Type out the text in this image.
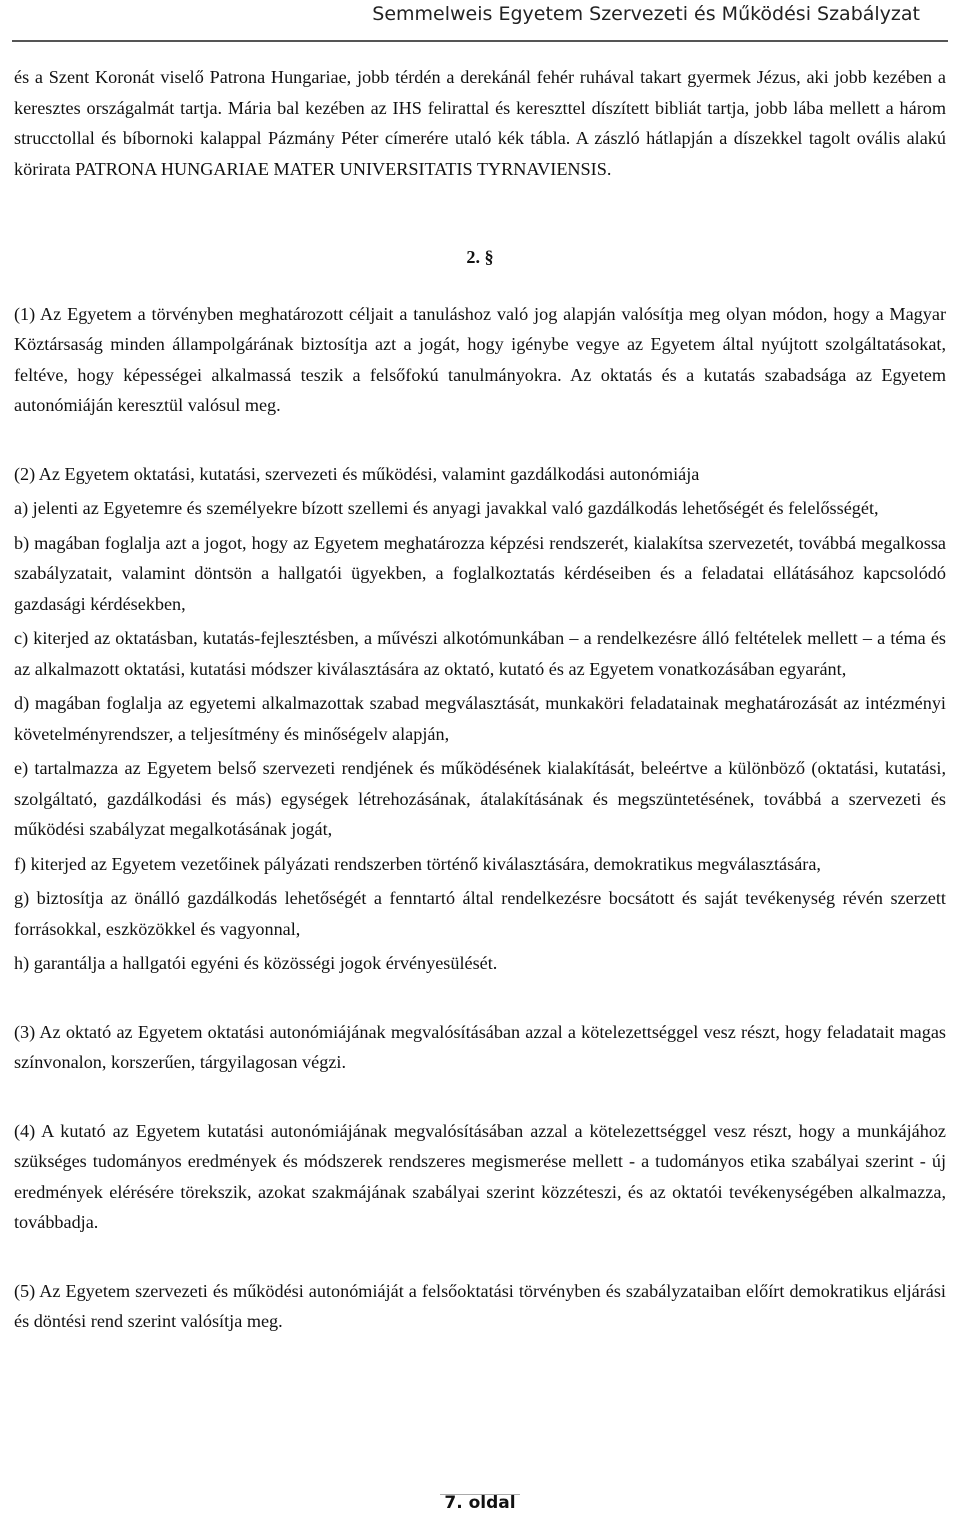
Semmelweis Egyetem Szervezeti és Működési Szabályzat

és a Szent Koronát viselő Patrona Hungariae, jobb térdén a derekánál fehér ruhával takart gyermek Jézus, aki jobb kezében a keresztes országalmát tartja. Mária bal kezében az IHS felirattal és kereszttel díszített bibliát tartja, jobb lába mellett a három strucctollal és bíbornoki kalappal Pázmány Péter címerére utaló kék tábla. A zászló hátlapján a díszekkel tagolt ovális alakú körirata PATRONA HUNGARIAE MATER UNIVERSITATIS TYRNAVIENSIS.

2. §

(1) Az Egyetem a törvényben meghatározott céljait a tanuláshoz való jog alapján valósítja meg olyan módon, hogy a Magyar Köztársaság minden állampolgárának biztosítja azt a jogát, hogy igénybe vegye az Egyetem által nyújtott szolgáltatásokat, feltéve, hogy képességei alkalmassá teszik a felsőfokú tanulmányokra. Az oktatás és a kutatás szabadsága az Egyetem autonómiáján keresztül valósul meg.

(2) Az Egyetem oktatási, kutatási, szervezeti és működési, valamint gazdálkodási autonómiája

a) jelenti az Egyetemre és személyekre bízott szellemi és anyagi javakkal való gazdálkodás lehetőségét és felelősségét,

b) magában foglalja azt a jogot, hogy az Egyetem meghatározza képzési rendszerét, kialakítsa szervezetét, továbbá megalkossa szabályzatait, valamint döntsön a hallgatói ügyekben, a foglalkoztatás kérdéseiben és a feladatai ellátásához kapcsolódó gazdasági kérdésekben,

c) kiterjed az oktatásban, kutatás-fejlesztésben, a művészi alkotómunkában – a rendelkezésre álló feltételek mellett – a téma és az alkalmazott oktatási, kutatási módszer kiválasztására az oktató, kutató és az Egyetem vonatkozásában egyaránt,

d) magában foglalja az egyetemi alkalmazottak szabad megválasztását, munkaköri feladatainak meghatározását az intézményi követelményrendszer, a teljesítmény és minőségelv alapján,

e) tartalmazza az Egyetem belső szervezeti rendjének és működésének kialakítását, beleértve a különböző (oktatási, kutatási, szolgáltató, gazdálkodási és más) egységek létrehozásának, átalakításának és megszüntetésének, továbbá a szervezeti és működési szabályzat megalkotásának jogát,

f) kiterjed az Egyetem vezetőinek pályázati rendszerben történő kiválasztására, demokratikus megválasztására,

g) biztosítja az önálló gazdálkodás lehetőségét a fenntartó által rendelkezésre bocsátott és saját tevékenység révén szerzett forrásokkal, eszközökkel és vagyonnal,

h) garantálja a hallgatói egyéni és közösségi jogok érvényesülését.

(3) Az oktató az Egyetem oktatási autonómiájának megvalósításában azzal a kötelezettséggel vesz részt, hogy feladatait magas színvonalon, korszerűen, tárgyilagosan végzi.

(4) A kutató az Egyetem kutatási autonómiájának megvalósításában azzal a kötelezettséggel vesz részt, hogy a munkájához szükséges tudományos eredmények és módszerek rendszeres megismerése mellett - a tudományos etika szabályai szerint - új eredmények elérésére törekszik, azokat szakmájának szabályai szerint közzéteszi, és az oktatói tevékenységében alkalmazza, továbbadja.

(5) Az Egyetem szervezeti és működési autonómiáját a felsőoktatási törvényben és szabályzataiban előírt demokratikus eljárási és döntési rend szerint valósítja meg.

7. oldal
